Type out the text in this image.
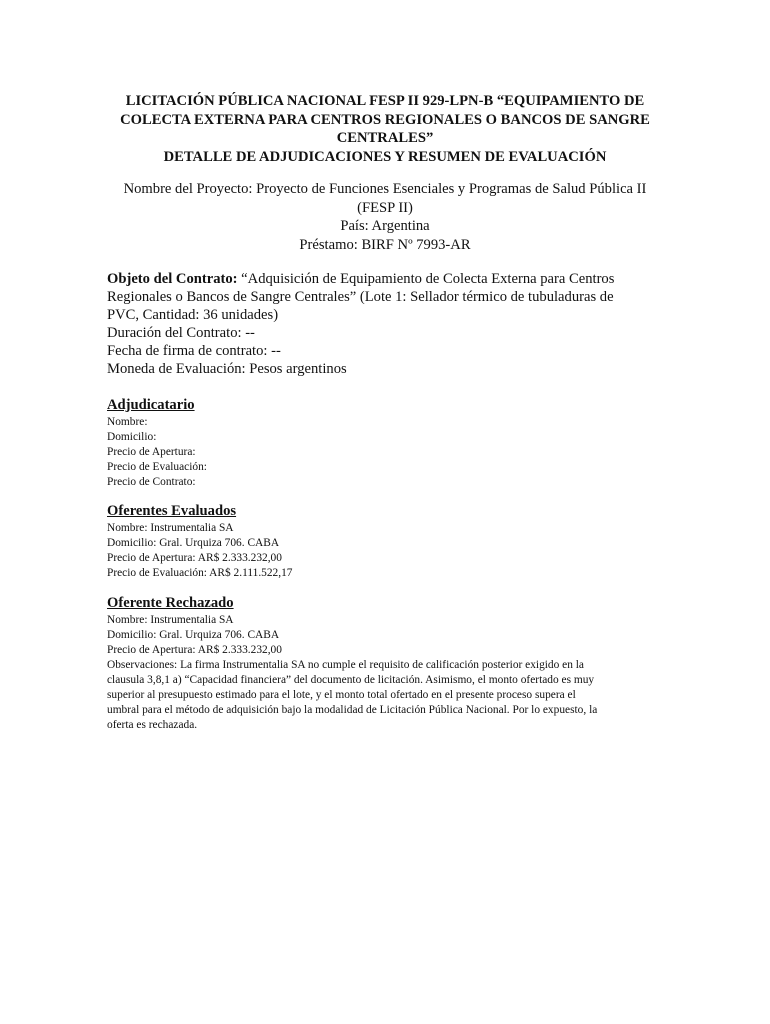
LICITACIÓN PÚBLICA NACIONAL FESP II 929-LPN-B “EQUIPAMIENTO DE
COLECTA EXTERNA PARA CENTROS REGIONALES O BANCOS DE SANGRE
CENTRALES”
DETALLE DE ADJUDICACIONES Y RESUMEN DE EVALUACIÓN
Nombre del Proyecto: Proyecto de Funciones Esenciales y Programas de Salud Pública II
(FESP II)
País: Argentina
Préstamo: BIRF Nº 7993-AR
Objeto del Contrato: “Adquisición de Equipamiento de Colecta Externa para Centros
Regionales o Bancos de Sangre Centrales” (Lote 1: Sellador térmico de tubuladuras de
PVC, Cantidad: 36 unidades)
Duración del Contrato: --
Fecha de firma de contrato: --
Moneda de Evaluación: Pesos argentinos
Adjudicatario
Nombre:
Domicilio:
Precio de Apertura:
Precio de Evaluación:
Precio de Contrato:
Oferentes Evaluados
Nombre: Instrumentalia SA
Domicilio: Gral. Urquiza 706. CABA
Precio de Apertura: AR$ 2.333.232,00
Precio de Evaluación: AR$ 2.111.522,17
Oferente Rechazado
Nombre: Instrumentalia SA
Domicilio: Gral. Urquiza 706. CABA
Precio de Apertura: AR$ 2.333.232,00
Observaciones: La firma Instrumentalia SA no cumple el requisito de calificación posterior exigido en la
clausula 3,8,1 a) “Capacidad financiera” del documento de licitación. Asimismo, el monto ofertado es muy
superior al presupuesto estimado para el lote, y el monto total ofertado en el presente proceso supera el
umbral para el método de adquisición bajo la modalidad de Licitación Pública Nacional. Por lo expuesto, la
oferta es rechazada.
